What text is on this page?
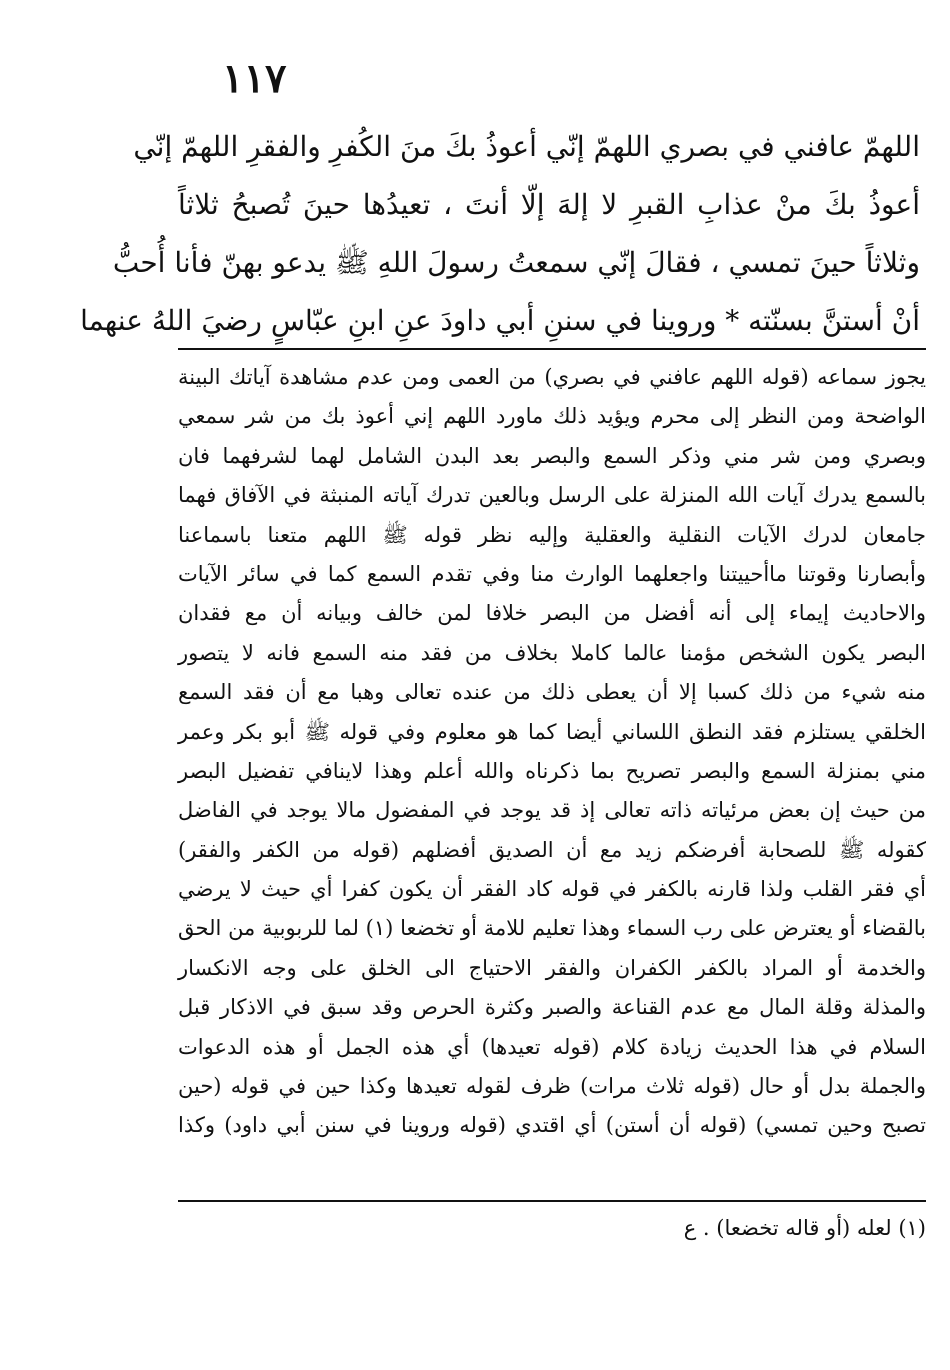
١١٧
اللهمّ عافني في بصري اللهمّ إنّي أعوذُ بكَ منَ الكُفرِ والفقرِ اللهمّ إنّي
أعوذُ بكَ منْ عذابِ القبرِ لا إلهَ إلّا أنتَ ، تعيدُها حينَ تُصبحُ ثلاثاً
وثلاثاً حينَ تمسي ، فقالَ إنّي سمعتُ رسولَ اللهِ ﷺ يدعو بهنّ فأنا أُحبُّ
أنْ أستنَّ بسنّته * وروينا في سننِ أبي داودَ عنِ ابنِ عبّاسٍ رضيَ اللهُ عنهما
يجوز سماعه (قوله اللهم عافني في بصري) من العمى ومن عدم مشاهدة آياتك البينة
الواضحة ومن النظر إلى محرم ويؤيد ذلك ماورد اللهم إني أعوذ بك من شر سمعي
وبصري ومن شر مني وذكر السمع والبصر بعد البدن الشامل لهما لشرفهما فان
بالسمع يدرك آيات الله المنزلة على الرسل وبالعين تدرك آياته المنبثة في الآفاق فهما
جامعان لدرك الآيات النقلية والعقلية وإليه نظر قوله ﷺ اللهم متعنا باسماعنا
وأبصارنا وقوتنا ماأحييتنا واجعلهما الوارث منا وفي تقدم السمع كما في سائر الآيات
والاحاديث إيماء إلى أنه أفضل من البصر خلافا لمن خالف وبيانه أن مع فقدان
البصر يكون الشخص مؤمنا عالما كاملا بخلاف من فقد منه السمع فانه لا يتصور
منه شيء من ذلك كسبا إلا أن يعطى ذلك من عنده تعالى وهبا مع أن فقد السمع
الخلقي يستلزم فقد النطق اللساني أيضا كما هو معلوم وفي قوله ﷺ أبو بكر وعمر
مني بمنزلة السمع والبصر تصريح بما ذكرناه والله أعلم وهذا لاينافي تفضيل البصر
من حيث إن بعض مرئياته ذاته تعالى إذ قد يوجد في المفضول مالا يوجد في الفاضل
كقوله ﷺ للصحابة أفرضكم زيد مع أن الصديق أفضلهم (قوله من الكفر والفقر)
أي فقر القلب ولذا قارنه بالكفر في قوله كاد الفقر أن يكون كفرا أي حيث لا يرضي
بالقضاء أو يعترض على رب السماء وهذا تعليم للامة أو تخضعا (١) لما للربوبية من الحق
والخدمة أو المراد بالكفر الكفران والفقر الاحتياج الى الخلق على وجه الانكسار
والمذلة وقلة المال مع عدم القناعة والصبر وكثرة الحرص وقد سبق في الاذكار قبل
السلام في هذا الحديث زيادة كلام (قوله تعيدها) أي هذه الجمل أو هذه الدعوات
والجملة بدل أو حال (قوله ثلاث مرات) ظرف لقوله تعيدها وكذا حين في قوله (حين
تصبح وحين تمسي) (قوله أن أستن) أي اقتدي (قوله وروينا في سنن أبي داود) وكذا
(١) لعله (أو قاله تخضعا) . ع
